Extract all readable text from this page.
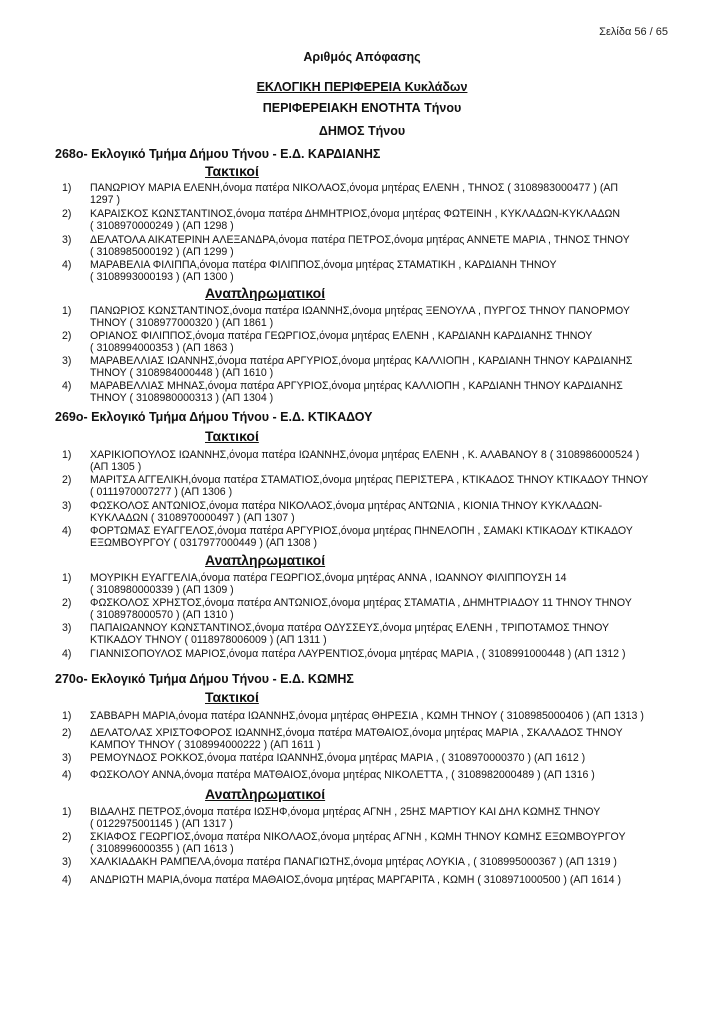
Σελίδα 56 / 65
Αριθμός Απόφασης
ΕΚΛΟΓΙΚΗ ΠΕΡΙΦΕΡΕΙΑ Κυκλάδων
ΠΕΡΙΦΕΡΕΙΑΚΗ ΕΝΟΤΗΤΑ Τήνου
ΔΗΜΟΣ Τήνου
268ο- Εκλογικό Τμήμα Δήμου Τήνου - Ε.Δ. ΚΑΡΔΙΑΝΗΣ
Τακτικοί
1) ΠΑΝΩΡΙΟΥ ΜΑΡΙΑ ΕΛΕΝΗ,όνομα πατέρα ΝΙΚΟΛΑΟΣ,όνομα μητέρας ΕΛΕΝΗ , ΤΗΝΟΣ ( 3108983000477 ) (ΑΠ
1297 )
2) ΚΑΡΑΙΣΚΟΣ ΚΩΝΣΤΑΝΤΙΝΟΣ,όνομα πατέρα ΔΗΜΗΤΡΙΟΣ,όνομα μητέρας ΦΩΤΕΙΝΗ , ΚΥΚΛΑΔΩΝ-ΚΥΚΛΑΔΩΝ
( 3108970000249 ) (ΑΠ 1298 )
3) ΔΕΛΑΤΟΛΑ ΑΙΚΑΤΕΡΙΝΗ ΑΛΕΞΑΝΔΡΑ,όνομα πατέρα ΠΕΤΡΟΣ,όνομα μητέρας ΑΝΝΕΤΕ ΜΑΡΙΑ , ΤΗΝΟΣ ΤΗΝΟΥ
( 3108985000192 ) (ΑΠ 1299 )
4) ΜΑΡΑΒΕΛΙΑ ΦΙΛΙΠΠΑ,όνομα πατέρα ΦΙΛΙΠΠΟΣ,όνομα μητέρας ΣΤΑΜΑΤΙΚΗ , ΚΑΡΔΙΑΝΗ ΤΗΝΟΥ
( 3108993000193 ) (ΑΠ 1300 )
Αναπληρωματικοί
1) ΠΑΝΩΡΙΟΣ ΚΩΝΣΤΑΝΤΙΝΟΣ,όνομα πατέρα ΙΩΑΝΝΗΣ,όνομα μητέρας ΞΕΝΟΥΛΑ , ΠΥΡΓΟΣ ΤΗΝΟΥ ΠΑΝΟΡΜΟΥ
ΤΗΝΟΥ ( 3108977000320 ) (ΑΠ 1861 )
2) ΟΡΙΑΝΟΣ ΦΙΛΙΠΠΟΣ,όνομα πατέρα ΓΕΩΡΓΙΟΣ,όνομα μητέρας ΕΛΕΝΗ , ΚΑΡΔΙΑΝΗ ΚΑΡΔΙΑΝΗΣ ΤΗΝΟΥ
( 3108994000353 ) (ΑΠ 1863 )
3) ΜΑΡΑΒΕΛΛΙΑΣ ΙΩΑΝΝΗΣ,όνομα πατέρα ΑΡΓΥΡΙΟΣ,όνομα μητέρας ΚΑΛΛΙΟΠΗ , ΚΑΡΔΙΑΝΗ ΤΗΝΟΥ ΚΑΡΔΙΑΝΗΣ
ΤΗΝΟΥ ( 3108984000448 ) (ΑΠ 1610 )
4) ΜΑΡΑΒΕΛΛΙΑΣ ΜΗΝΑΣ,όνομα πατέρα ΑΡΓΥΡΙΟΣ,όνομα μητέρας ΚΑΛΛΙΟΠΗ , ΚΑΡΔΙΑΝΗ ΤΗΝΟΥ ΚΑΡΔΙΑΝΗΣ
ΤΗΝΟΥ ( 3108980000313 ) (ΑΠ 1304 )
269ο- Εκλογικό Τμήμα Δήμου Τήνου - Ε.Δ. ΚΤΙΚΑΔΟΥ
Τακτικοί
1) ΧΑΡΙΚΙΟΠΟΥΛΟΣ ΙΩΑΝΝΗΣ,όνομα πατέρα ΙΩΑΝΝΗΣ,όνομα μητέρας ΕΛΕΝΗ , Κ. ΑΛΑΒΑΝΟΥ 8 ( 3108986000524 )
(ΑΠ 1305 )
2) ΜΑΡΙΤΣΑ ΑΓΓΕΛΙΚΗ,όνομα πατέρα ΣΤΑΜΑΤΙΟΣ,όνομα μητέρας ΠΕΡΙΣΤΕΡΑ , ΚΤΙΚΑΔΟΣ ΤΗΝΟΥ ΚΤΙΚΑΔΟΥ ΤΗΝΟΥ
( 0111970007277 ) (ΑΠ 1306 )
3) ΦΩΣΚΟΛΟΣ ΑΝΤΩΝΙΟΣ,όνομα πατέρα ΝΙΚΟΛΑΟΣ,όνομα μητέρας ΑΝΤΩΝΙΑ , ΚΙΟΝΙΑ ΤΗΝΟΥ ΚΥΚΛΑΔΩΝ-
ΚΥΚΛΑΔΩΝ ( 3108970000497 ) (ΑΠ 1307 )
4) ΦΟΡΤΩΜΑΣ ΕΥΑΓΓΕΛΟΣ,όνομα πατέρα ΑΡΓΥΡΙΟΣ,όνομα μητέρας ΠΗΝΕΛΟΠΗ , ΣΑΜΑΚΙ ΚΤΙΚΑΟΔΥ ΚΤΙΚΑΔΟΥ
ΕΞΩΜΒΟΥΡΓΟΥ ( 0317977000449 ) (ΑΠ 1308 )
Αναπληρωματικοί
1) ΜΟΥΡΙΚΗ ΕΥΑΓΓΕΛΙΑ,όνομα πατέρα ΓΕΩΡΓΙΟΣ,όνομα μητέρας ΑΝΝΑ , ΙΩΑΝΝΟΥ ΦΙΛΙΠΠΟΥΣΗ 14
( 3108980000339 ) (ΑΠ 1309 )
2) ΦΩΣΚΟΛΟΣ ΧΡΗΣΤΟΣ,όνομα πατέρα ΑΝΤΩΝΙΟΣ,όνομα μητέρας ΣΤΑΜΑΤΙΑ , ΔΗΜΗΤΡΙΑΔΟΥ 11 ΤΗΝΟΥ ΤΗΝΟΥ
( 3108978000570 ) (ΑΠ 1310 )
3) ΠΑΠΑΙΩΑΝΝΟΥ ΚΩΝΣΤΑΝΤΙΝΟΣ,όνομα πατέρα ΟΔΥΣΣΕΥΣ,όνομα μητέρας ΕΛΕΝΗ , ΤΡΙΠΟΤΑΜΟΣ ΤΗΝΟΥ
ΚΤΙΚΑΔΟΥ ΤΗΝΟΥ ( 0118978006009 ) (ΑΠ 1311 )
4) ΓΙΑΝΝΙΣΟΠΟΥΛΟΣ ΜΑΡΙΟΣ,όνομα πατέρα ΛΑΥΡΕΝΤΙΟΣ,όνομα μητέρας ΜΑΡΙΑ , ( 3108991000448 ) (ΑΠ 1312 )
270ο- Εκλογικό Τμήμα Δήμου Τήνου - Ε.Δ. ΚΩΜΗΣ
Τακτικοί
1) ΣΑΒΒΑΡΗ ΜΑΡΙΑ,όνομα πατέρα ΙΩΑΝΝΗΣ,όνομα μητέρας ΘΗΡΕΣΙΑ , ΚΩΜΗ ΤΗΝΟΥ ( 3108985000406 ) (ΑΠ 1313 )
2) ΔΕΛΑΤΟΛΑΣ ΧΡΙΣΤΟΦΟΡΟΣ ΙΩΑΝΝΗΣ,όνομα πατέρα ΜΑΤΘΑΙΟΣ,όνομα μητέρας ΜΑΡΙΑ , ΣΚΑΛΑΔΟΣ ΤΗΝΟΥ
ΚΑΜΠΟΥ ΤΗΝΟΥ ( 3108994000222 ) (ΑΠ 1611 )
3) ΡΕΜΟΥΝΔΟΣ ΡΟΚΚΟΣ,όνομα πατέρα ΙΩΑΝΝΗΣ,όνομα μητέρας ΜΑΡΙΑ , ( 3108970000370 ) (ΑΠ 1612 )
4) ΦΩΣΚΟΛΟΥ ΑΝΝΑ,όνομα πατέρα ΜΑΤΘΑΙΟΣ,όνομα μητέρας ΝΙΚΟΛΕΤΤΑ , ( 3108982000489 ) (ΑΠ 1316 )
Αναπληρωματικοί
1) ΒΙΔΑΛΗΣ ΠΕΤΡΟΣ,όνομα πατέρα ΙΩΣΗΦ,όνομα μητέρας ΑΓΝΗ , 25ΗΣ ΜΑΡΤΙΟΥ ΚΑΙ ΔΗΛ ΚΩΜΗΣ ΤΗΝΟΥ
( 0122975001145 ) (ΑΠ 1317 )
2) ΣΚΙΑΦΟΣ ΓΕΩΡΓΙΟΣ,όνομα πατέρα ΝΙΚΟΛΑΟΣ,όνομα μητέρας ΑΓΝΗ , ΚΩΜΗ ΤΗΝΟΥ ΚΩΜΗΣ ΕΞΩΜΒΟΥΡΓΟΥ
( 3108996000355 ) (ΑΠ 1613 )
3) ΧΑΛΚΙΑΔΑΚΗ ΡΑΜΠΕΛΑ,όνομα πατέρα ΠΑΝΑΓΙΩΤΗΣ,όνομα μητέρας ΛΟΥΚΙΑ , ( 3108995000367 ) (ΑΠ 1319 )
4) ΑΝΔΡΙΩΤΗ ΜΑΡΙΑ,όνομα πατέρα ΜΑΘΑΙΟΣ,όνομα μητέρας ΜΑΡΓΑΡΙΤΑ , ΚΩΜΗ ( 3108971000500 ) (ΑΠ 1614 )
